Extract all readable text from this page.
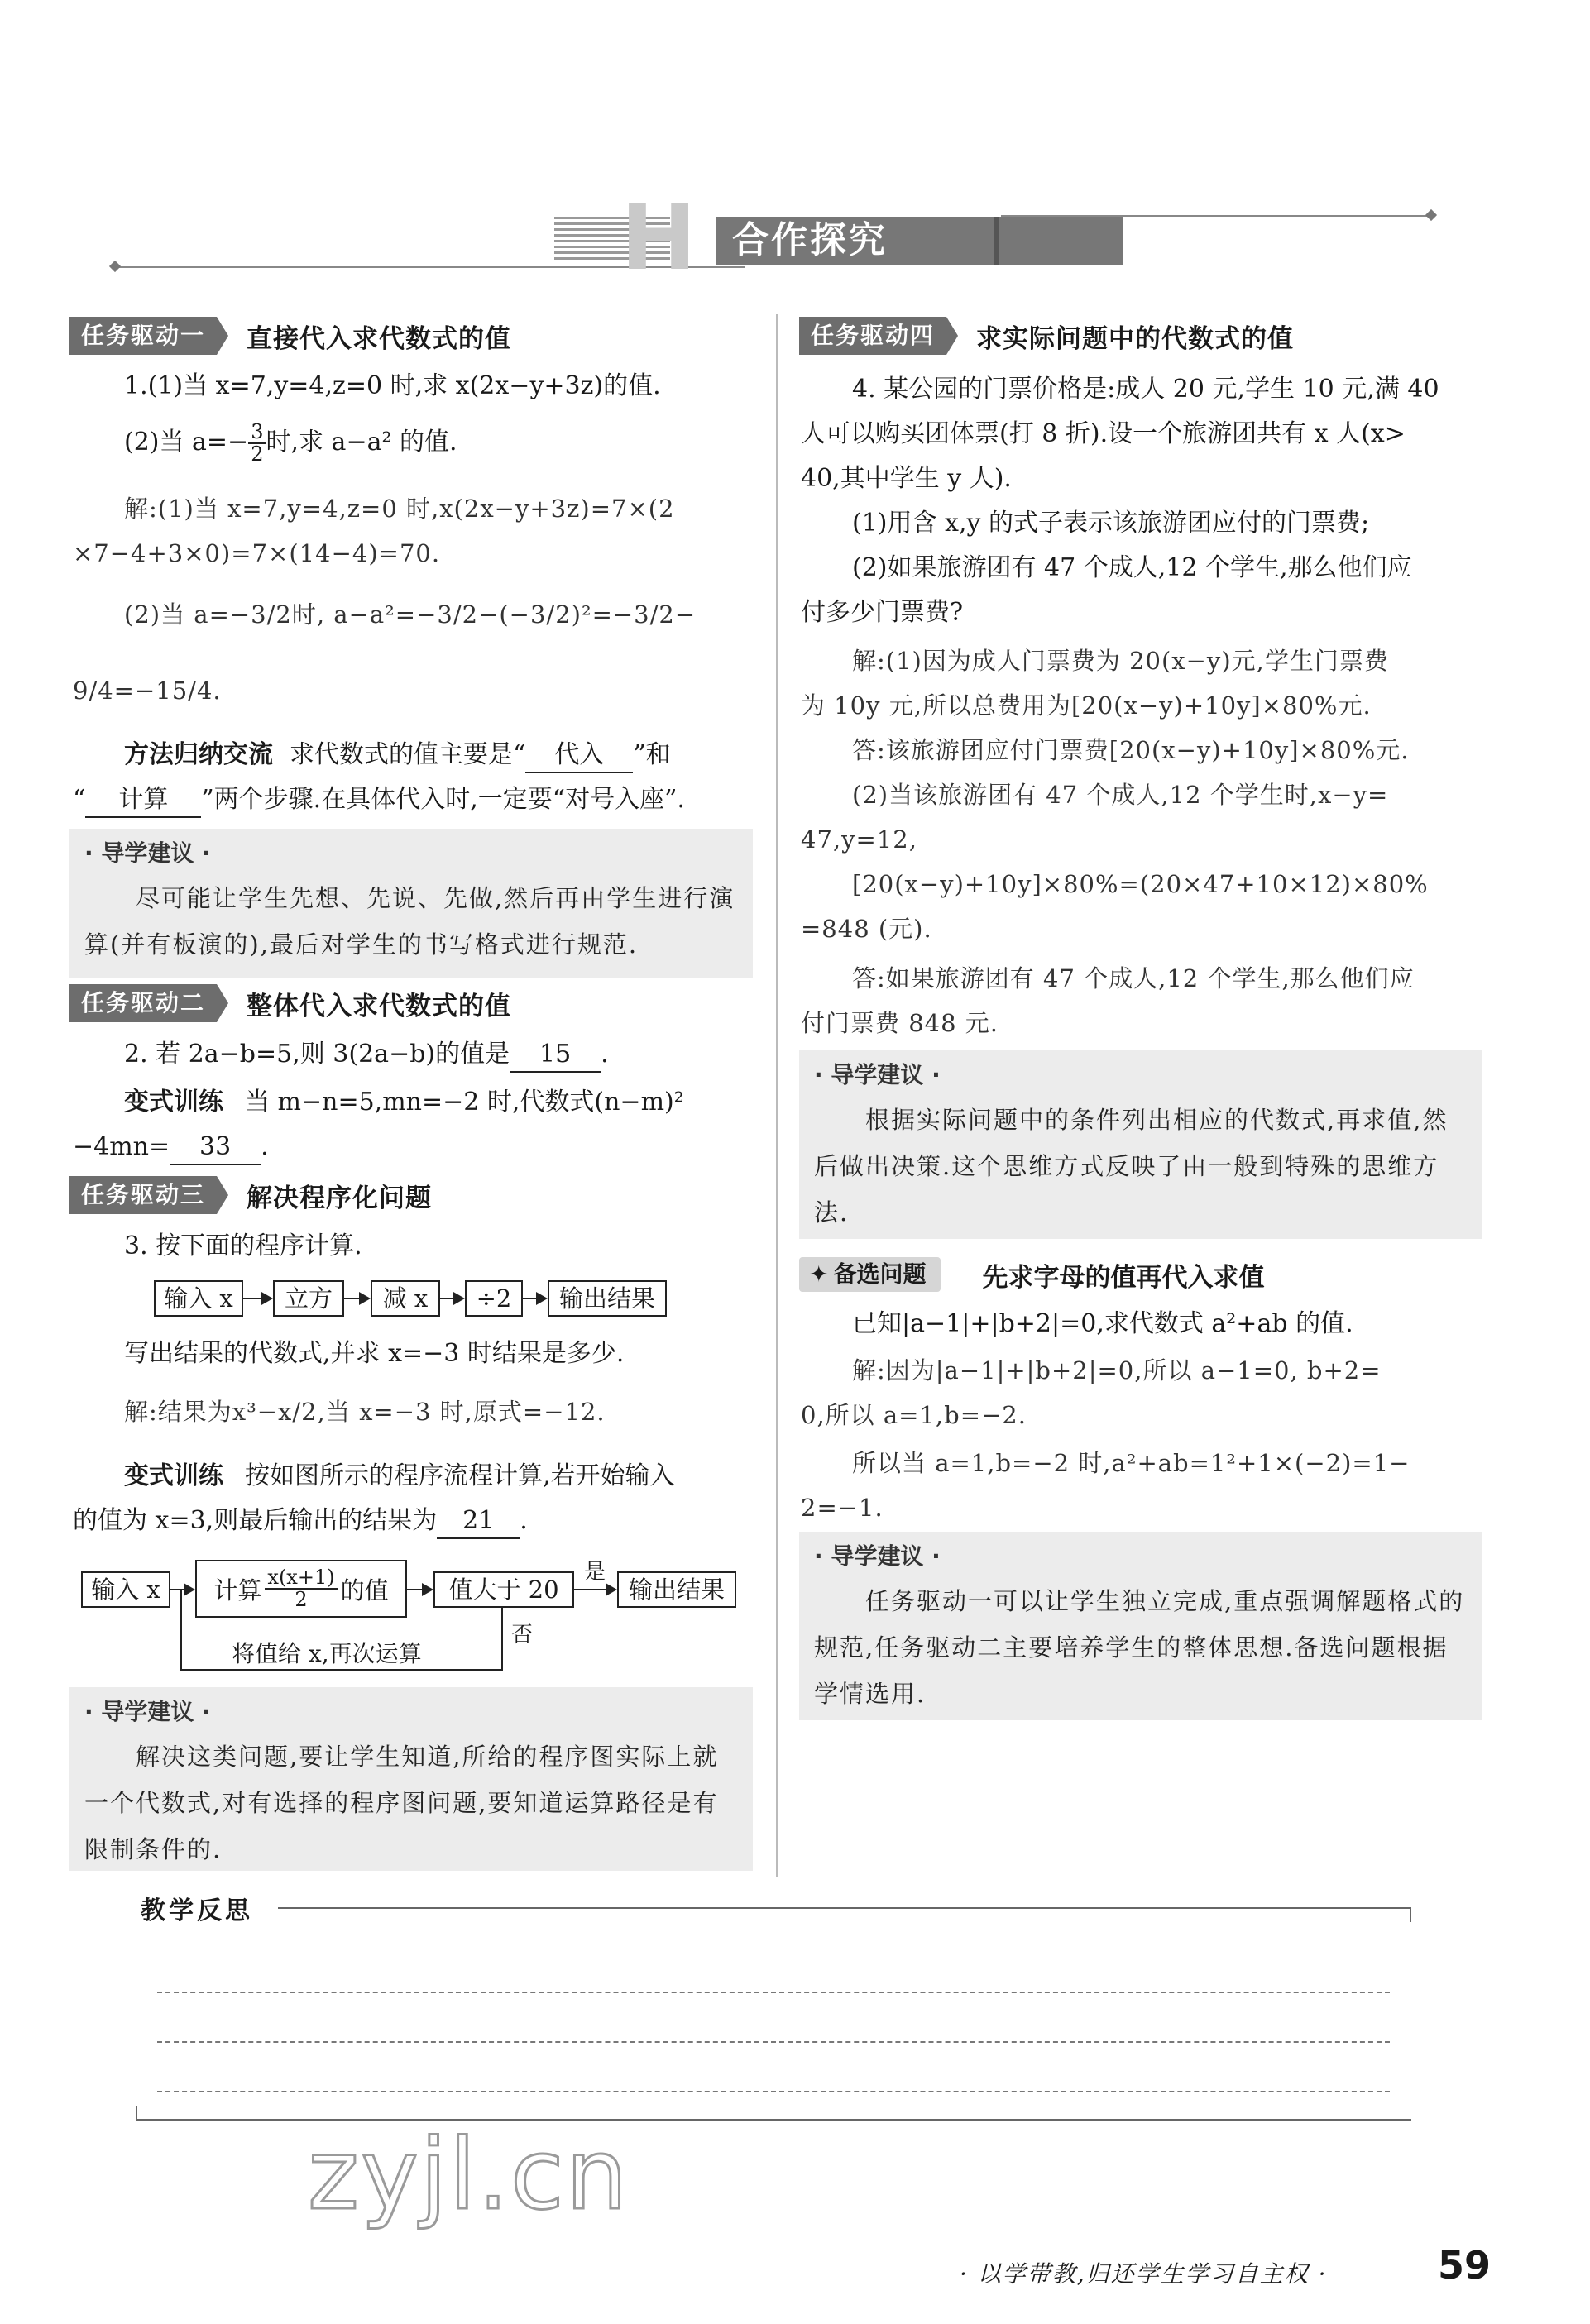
H 合作探究
任务驱动一	直接代入求代数式的值
1.(1)当 x=7,y=4,z=0 时,求 x(2x−y+3z)的值.
(2)当 $a=- \frac{3}{2}$ 时,求 a−a² 的值.
解:(1)当 x=7,y=4,z=0 时,x(2x−y+3z)=7×(2
×7−4+3×0)=7×(14−4)=70.
(2)当 a=−3/2时, a−a²=−3/2−(−3/2)²=−3/2−
9/4=−15/4.
方法归纳交流 求代数式的值主要是“ 代入 ”和
“ 计算 ”两个步骤.在具体代入时,一定要“对号入座”.
· 导学建议 ·
尽可能让学生先想、先说、先做,然后再由学生进行演算(并有板演的),最后对学生的书写格式进行规范.
任务驱动二	整体代入求代数式的值
2. 若 2a−b=5,则 3(2a−b)的值是 15 .
变式训练 当 m−n=5,mn=−2 时,代数式(n−m)²
−4mn= 33 .
任务驱动三	解决程序化问题
3. 按下面的程序计算.
输入 x	立方	减 x	÷2	输出结果
写出结果的代数式,并求 x=−3 时结果是多少.
解:结果为x³−x/2,当 x=−3 时,原式=−12.
变式训练 按如图所示的程序流程计算,若开始输入
的值为 x=3,则最后输出的结果为 21 .
输入 x	计算 $\frac{x(x+1)}{2}$ 的值	值大于 20
是
输出结果
否
将值给 x,再次运算
· 导学建议 ·
解决这类问题,要让学生知道,所给的程序图实际上就一个代数式,对有选择的程序图问题,要知道运算路径是有限制条件的.
任务驱动四	求实际问题中的代数式的值
4. 某公园的门票价格是:成人 20 元,学生 10 元,满 40
人可以购买团体票(打 8 折).设一个旅游团共有 x 人(x>
40,其中学生 y 人).
(1)用含 x,y 的式子表示该旅游团应付的门票费;
(2)如果旅游团有 47 个成人,12 个学生,那么他们应
付多少门票费?
解:(1)因为成人门票费为 20(x−y)元,学生门票费
为 10y 元,所以总费用为[20(x−y)+10y]×80%元.
答:该旅游团应付门票费[20(x−y)+10y]×80%元.
(2)当该旅游团有 47 个成人,12 个学生时,x−y=
47,y=12,
[20(x−y)+10y]×80%=(20×47+10×12)×80%
=848 (元).
答:如果旅游团有 47 个成人,12 个学生,那么他们应
付门票费 848 元.
· 导学建议 ·
根据实际问题中的条件列出相应的代数式,再求值,然后做出决策.这个思维方式反映了由一般到特殊的思维方法.
✦ 备选问题	先求字母的值再代入求值
已知|a−1|+|b+2|=0,求代数式 a²+ab 的值.
解:因为|a−1|+|b+2|=0,所以 a−1=0, b+2=
0,所以 a=1,b=−2.
所以当 a=1,b=−2 时,a²+ab=1²+1×(−2)=1−
2=−1.
· 导学建议 ·
任务驱动一可以让学生独立完成,重点强调解题格式的规范,任务驱动二主要培养学生的整体思想.备选问题根据学情选用.
教学反思
zyjl.cn
· 以学带教,归还学生学习自主权 ·	59
